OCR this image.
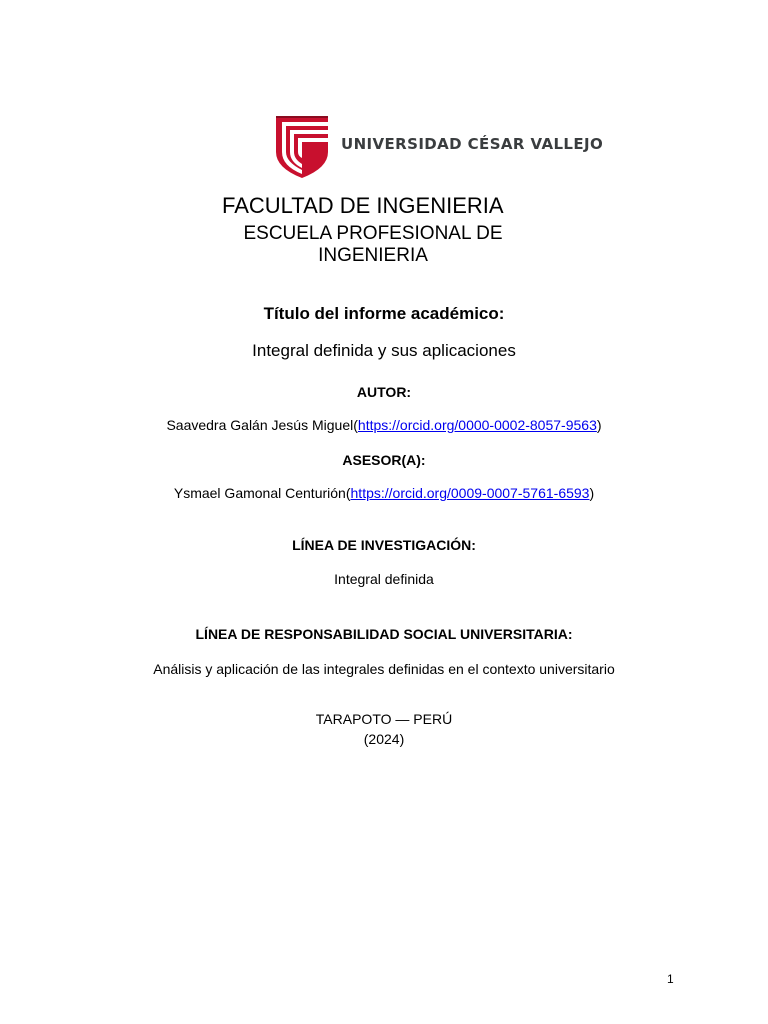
UNIVERSIDAD CÉSAR VALLEJO
FACULTAD DE INGENIERIA
ESCUELA PROFESIONAL DE
INGENIERIA
Título del informe académico:
Integral definida y sus aplicaciones
AUTOR:
Saavedra Galán Jesús Miguel(https://orcid.org/0000-0002-8057-9563)
ASESOR(A):
Ysmael Gamonal Centurión(https://orcid.org/0009-0007-5761-6593)
LÍNEA DE INVESTIGACIÓN:
Integral definida
LÍNEA DE RESPONSABILIDAD SOCIAL UNIVERSITARIA:
Análisis y aplicación de las integrales definidas en el contexto universitario
TARAPOTO — PERÚ
(2024)
1
